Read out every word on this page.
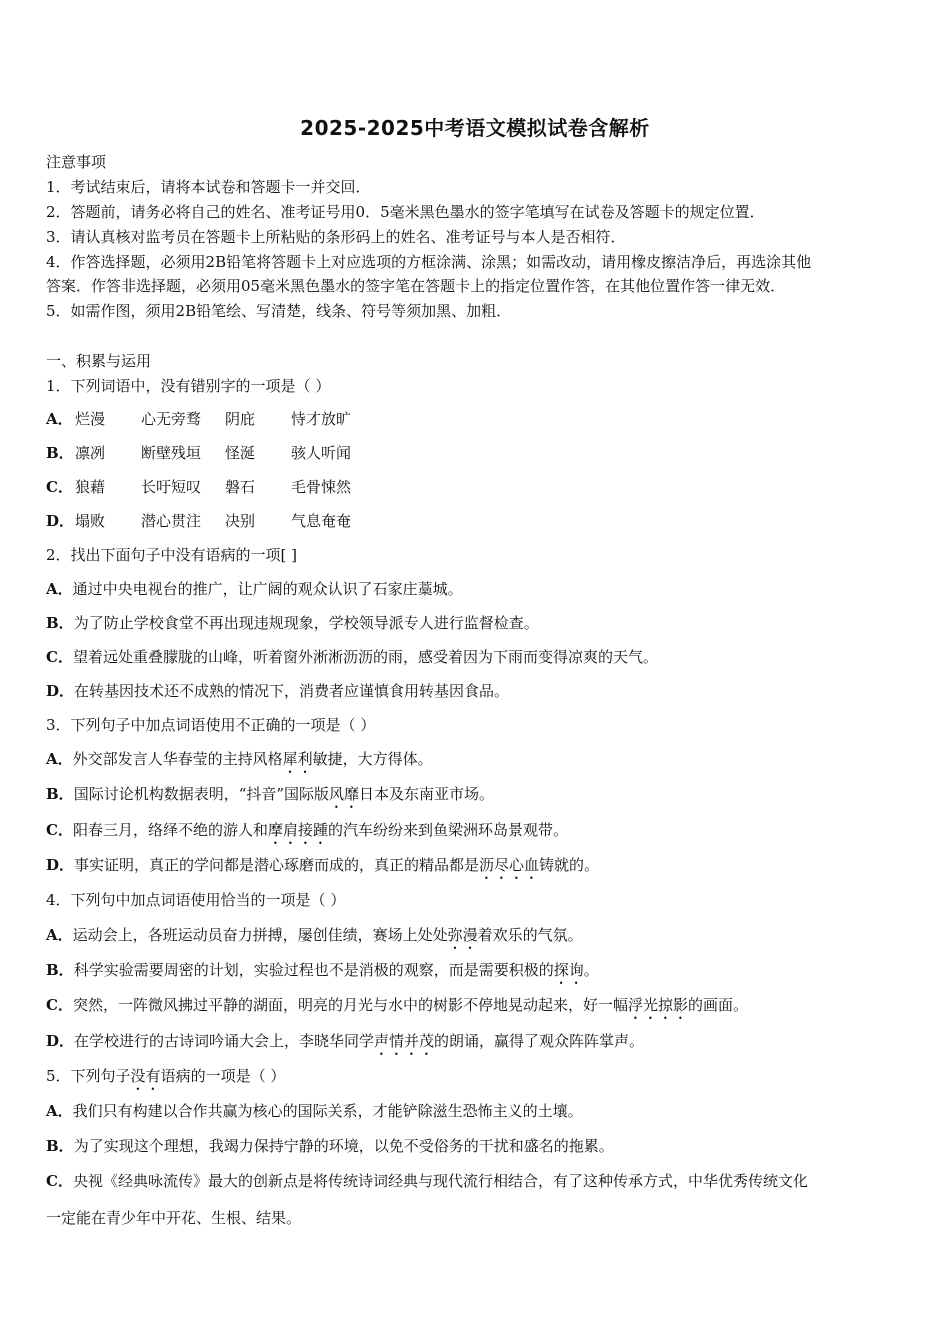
2025-2025中考语文模拟试卷含解析
注意事项
1．考试结束后，请将本试卷和答题卡一并交回．
2．答题前，请务必将自己的姓名、准考证号用0．5毫米黑色墨水的签字笔填写在试卷及答题卡的规定位置．
3．请认真核对监考员在答题卡上所粘贴的条形码上的姓名、准考证号与本人是否相符．
4．作答选择题，必须用2B铅笔将答题卡上对应选项的方框涂满、涂黑；如需改动，请用橡皮擦洁净后，再选涂其他
答案．作答非选择题，必须用05毫米黑色墨水的签字笔在答题卡上的指定位置作答，在其他位置作答一律无效．
5．如需作图，须用2B铅笔绘、写清楚，线条、符号等须加黑、加粗．
一、积累与运用
1．下列词语中，没有错别字的一项是（ ）
A． 烂漫 心无旁骛 阴庇 恃才放旷
B． 凛冽 断壁残垣 怪涎 骇人听闻
C． 狼藉 长吁短叹 磐石 毛骨悚然
D． 塌败 潜心贯注 决别 气息奄奄
2．找出下面句子中没有语病的一项[ ]
A．通过中央电视台的推广，让广阔的观众认识了石家庄藁城。
B．为了防止学校食堂不再出现违规现象，学校领导派专人进行监督检查。
C．望着远处重叠朦胧的山峰，听着窗外淅淅沥沥的雨，感受着因为下雨而变得凉爽的天气。
D．在转基因技术还不成熟的情况下，消费者应谨慎食用转基因食品。
3．下列句子中加点词语使用不正确的一项是（ ）
A．外交部发言人华春莹的主持风格犀利敏捷，大方得体。
B．国际讨论机构数据表明，“抖音”国际版风靡日本及东南亚市场。
C．阳春三月，络绎不绝的游人和摩肩接踵的汽车纷纷来到鱼梁洲环岛景观带。
D．事实证明，真正的学问都是潜心琢磨而成的，真正的精品都是沥尽心血铸就的。
4．下列句中加点词语使用恰当的一项是（ ）
A．运动会上，各班运动员奋力拼搏，屡创佳绩，赛场上处处弥漫着欢乐的气氛。
B．科学实验需要周密的计划，实验过程也不是消极的观察，而是需要积极的探询。
C．突然，一阵微风拂过平静的湖面，明亮的月光与水中的树影不停地晃动起来，好一幅浮光掠影的画面。
D．在学校进行的古诗词吟诵大会上，李晓华同学声情并茂的朗诵，赢得了观众阵阵掌声。
5．下列句子没有语病的一项是（ ）
A．我们只有构建以合作共赢为核心的国际关系，才能铲除滋生恐怖主义的土壤。
B．为了实现这个理想，我竭力保持宁静的环境，以免不受俗务的干扰和盛名的拖累。
C．央视《经典咏流传》最大的创新点是将传统诗词经典与现代流行相结合，有了这种传承方式，中华优秀传统文化
一定能在青少年中开花、生根、结果。
